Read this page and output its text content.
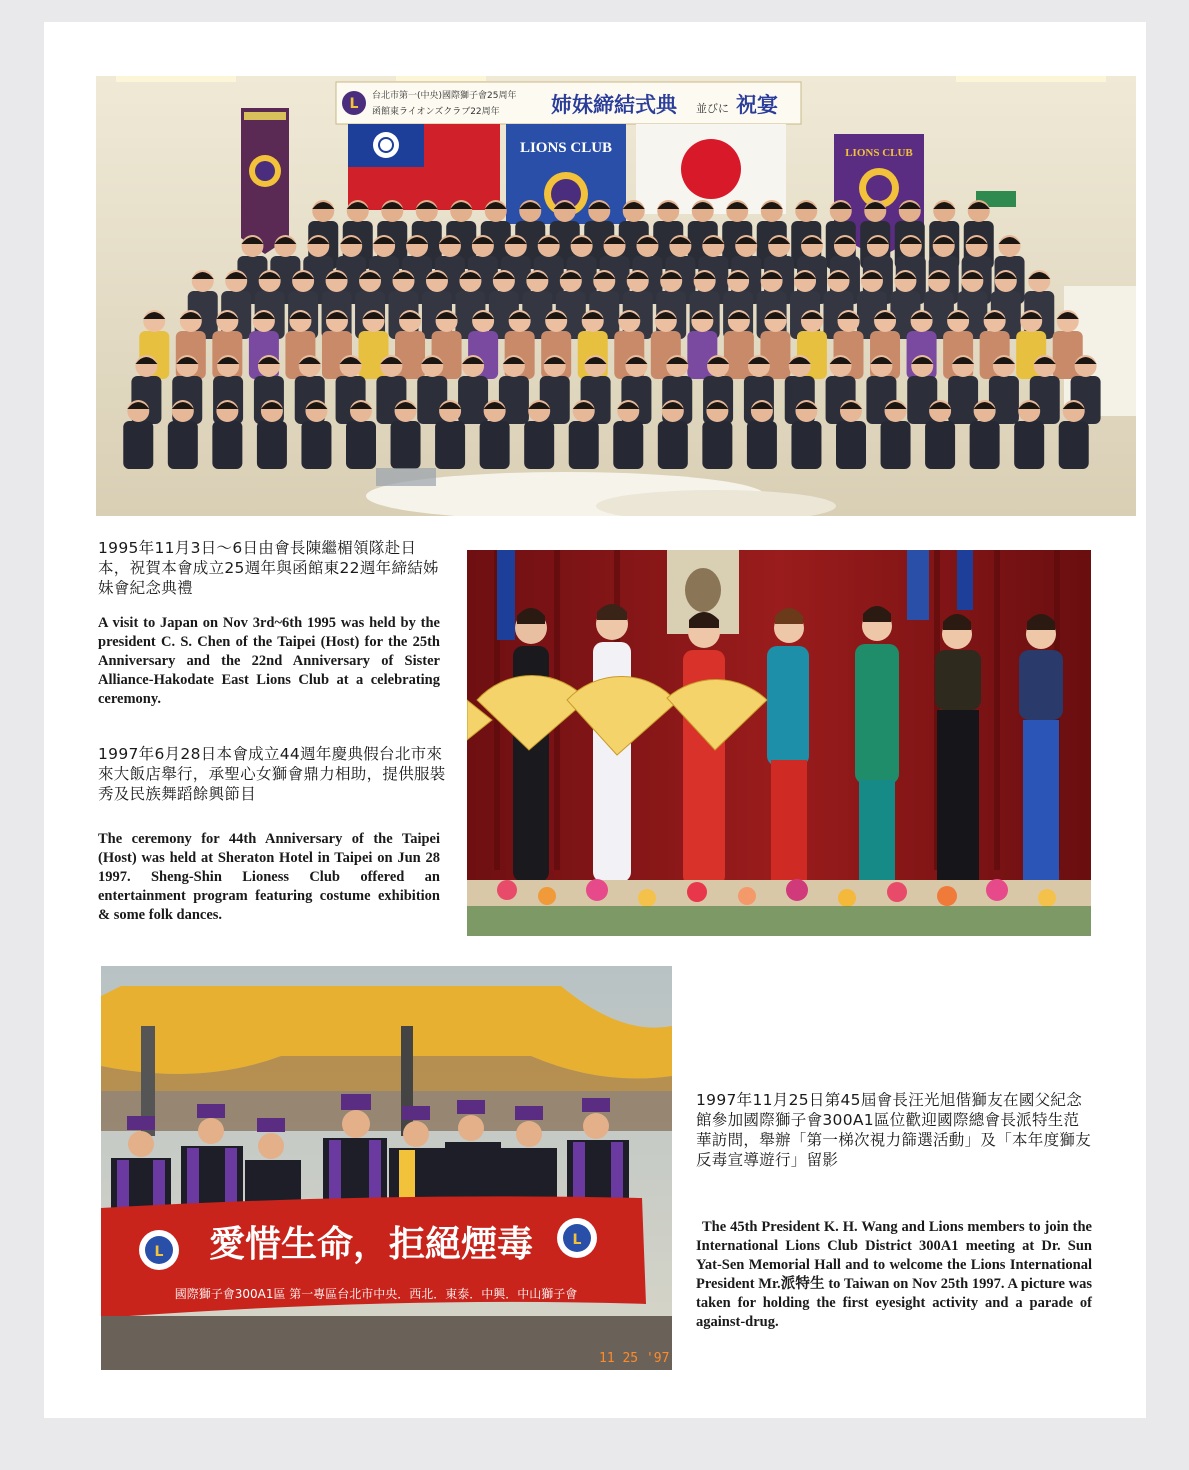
L 台北市第一(中央)國際獅子會25周年
函館東ライオンズクラブ22周年 姉妹締結式典 並びに 祝宴
LIONS CLUB	LIONS CLUB
1995年11月3日～6日由會長陳繼楣領隊赴日本，祝賀本會成立25週年與函館東22週年締結姊妹會紀念典禮
A visit to Japan on Nov 3rd~6th 1995 was held by the president C. S. Chen of the Taipei (Host) for the 25th Anniversary and the 22nd Anniversary of Sister Alliance-Hakodate East Lions Club at a celebrating ceremony.
1997年6月28日本會成立44週年慶典假台北市來來大飯店舉行，承聖心女獅會鼎力相助，提供服裝秀及民族舞蹈餘興節目
The ceremony for 44th Anniversary of the Taipei (Host) was held at Sheraton Hotel in Taipei on Jun 28 1997. Sheng-Shin Lioness Club offered an entertainment program featuring costume exhibition & some folk dances.
L
L
愛惜生命，拒絕煙毒
國際獅子會300A1區 第一專區台北市中央．西北．東泰．中興．中山獅子會
11 25 '97
1997年11月25日第45屆會長汪光旭偕獅友在國父紀念館參加國際獅子會300A1區位歡迎國際總會長派特生范華訪問，舉辦「第一梯次視力篩選活動」及「本年度獅友反毒宣導遊行」留影
The 45th President K. H. Wang and Lions members to join the International Lions Club District 300A1 meeting at Dr. Sun Yat-Sen Memorial Hall and to welcome the Lions International President Mr.派特生 to Taiwan on Nov 25th 1997. A picture was taken for holding the first eyesight activity and a parade of against-drug.
